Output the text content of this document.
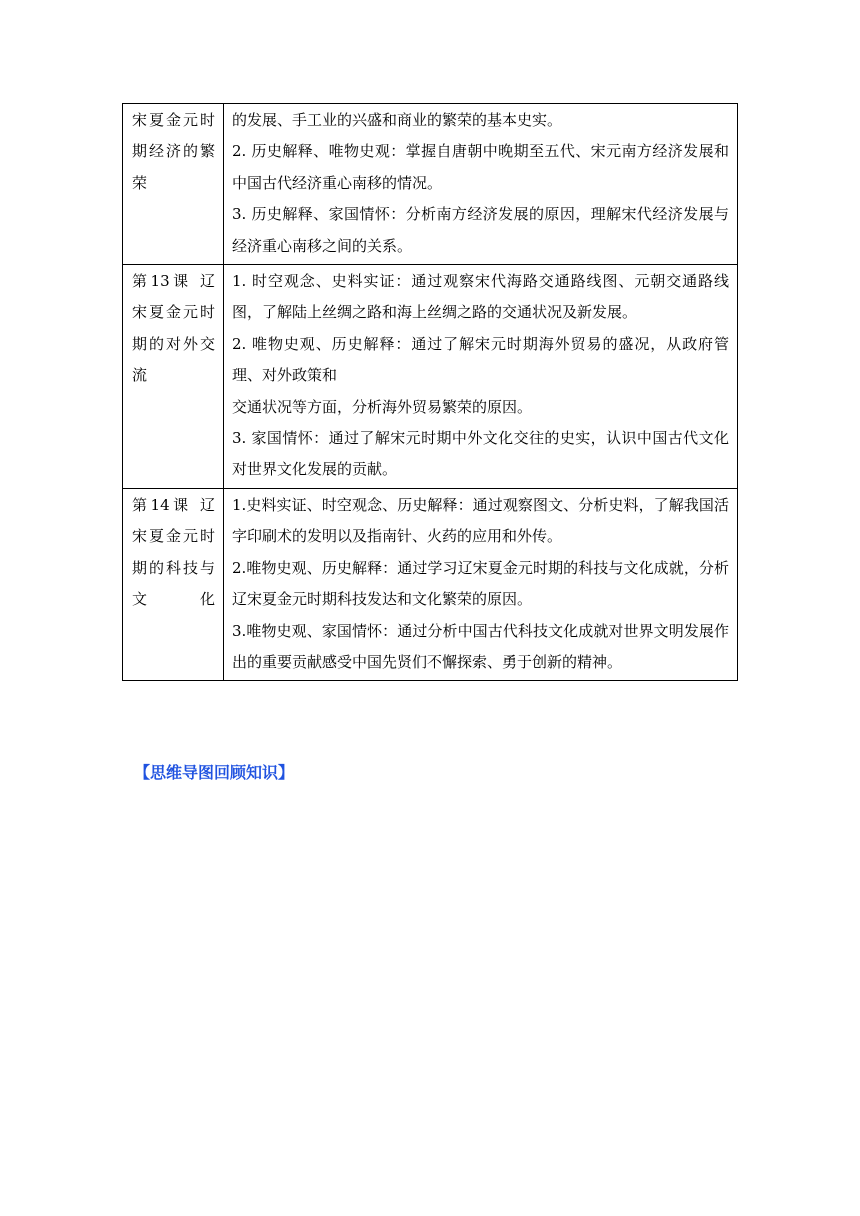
宋夏金元时期经济的繁荣	的发展、手工业的兴盛和商业的繁荣的基本史实。
2. 历史解释、唯物史观：掌握自唐朝中晚期至五代、宋元南方经济发展和中国古代经济重心南移的情况。
3. 历史解释、家国情怀：分析南方经济发展的原因，理解宋代经济发展与经济重心南移之间的关系。

第13课 辽宋夏金元时期的对外交流	1. 时空观念、史料实证：通过观察宋代海路交通路线图、元朝交通路线图，了解陆上丝绸之路和海上丝绸之路的交通状况及新发展。
2. 唯物史观、历史解释：通过了解宋元时期海外贸易的盛况，从政府管理、对外政策和
交通状况等方面，分析海外贸易繁荣的原因。
3. 家国情怀：通过了解宋元时期中外文化交往的史实，认识中国古代文化对世界文化发展的贡献。

第14课 辽宋夏金元时期的科技与文化	1.史料实证、时空观念、历史解释：通过观察图文、分析史料，了解我国活字印刷术的发明以及指南针、火药的应用和外传。
2.唯物史观、历史解释：通过学习辽宋夏金元时期的科技与文化成就，分析辽宋夏金元时期科技发达和文化繁荣的原因。
3.唯物史观、家国情怀：通过分析中国古代科技文化成就对世界文明发展作出的重要贡献感受中国先贤们不懈探索、勇于创新的精神。

【思维导图回顾知识】
